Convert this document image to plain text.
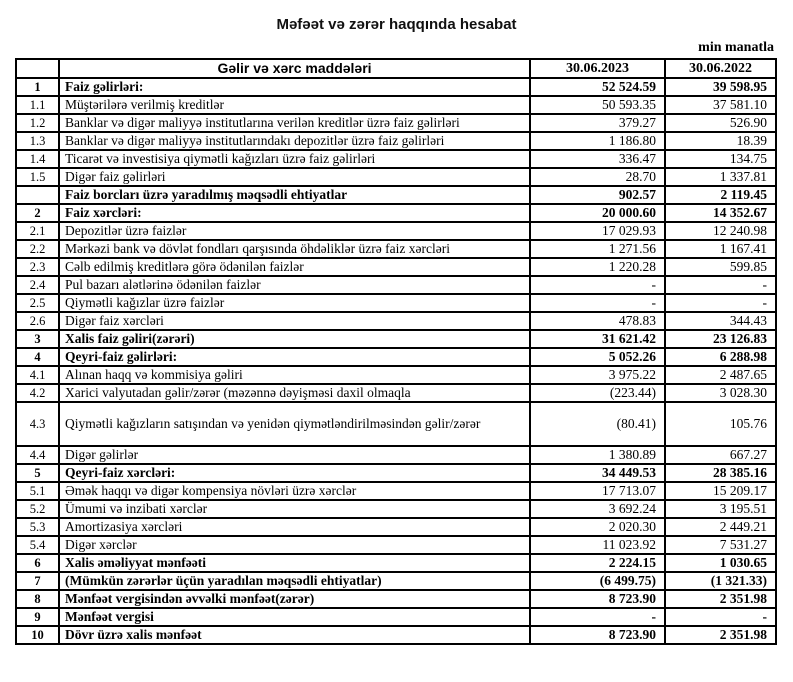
Məfəət və zərər haqqında hesabat
min manatla
	Gəlir və xərc maddələri	30.06.2023	30.06.2022
1	Faiz gəlirləri:	52 524.59	39 598.95
1.1	Müştərilərə verilmiş kreditlər	50 593.35	37 581.10
1.2	Banklar və digər maliyyə institutlarına verilən kreditlər üzrə faiz gəlirləri	379.27	526.90
1.3	Banklar və digər maliyyə institutlarındakı depozitlər üzrə faiz gəlirləri	1 186.80	18.39
1.4	Ticarət və investisiya qiymətli kağızları üzrə faiz gəlirləri	336.47	134.75
1.5	Digər faiz gəlirləri	28.70	1 337.81
	Faiz borcları üzrə yaradılmış məqsədli ehtiyatlar	902.57	2 119.45
2	Faiz xərcləri:	20 000.60	14 352.67
2.1	Depozitlər üzrə faizlər	17 029.93	12 240.98
2.2	Mərkəzi bank və dövlət fondları qarşısında öhdəliklər üzrə faiz xərcləri	1 271.56	1 167.41
2.3	Cəlb edilmiş kreditlərə görə ödənilən faizlər	1 220.28	599.85
2.4	Pul bazarı alətlərinə ödənilən faizlər	-	-
2.5	Qiymətli kağızlar üzrə faizlər	-	-
2.6	Digər faiz xərcləri	478.83	344.43
3	Xalis faiz gəliri(zərəri)	31 621.42	23 126.83
4	Qeyri-faiz gəlirləri:	5 052.26	6 288.98
4.1	Alınan haqq və kommisiya gəliri	3 975.22	2 487.65
4.2	Xarici valyutadan gəlir/zərər (məzənnə dəyişməsi daxil olmaqla	(223.44)	3 028.30
4.3	Qiymətli kağızların satışından və yenidən qiymətləndirilməsindən gəlir/zərər	(80.41)	105.76
4.4	Digər gəlirlər	1 380.89	667.27
5	Qeyri-faiz xərcləri:	34 449.53	28 385.16
5.1	Əmək haqqı və digər kompensiya növləri üzrə xərclər	17 713.07	15 209.17
5.2	Ümumi və inzibati xərclər	3 692.24	3 195.51
5.3	Amortizasiya xərcləri	2 020.30	2 449.21
5.4	Digər xərclər	11 023.92	7 531.27
6	Xalis əməliyyat mənfəəti	2 224.15	1 030.65
7	(Mümkün zərərlər üçün yaradılan məqsədli ehtiyatlar)	(6 499.75)	(1 321.33)
8	Mənfəət vergisindən əvvəlki mənfəət(zərər)	8 723.90	2 351.98
9	Mənfəət vergisi	-	-
10	Dövr üzrə xalis mənfəət	8 723.90	2 351.98
